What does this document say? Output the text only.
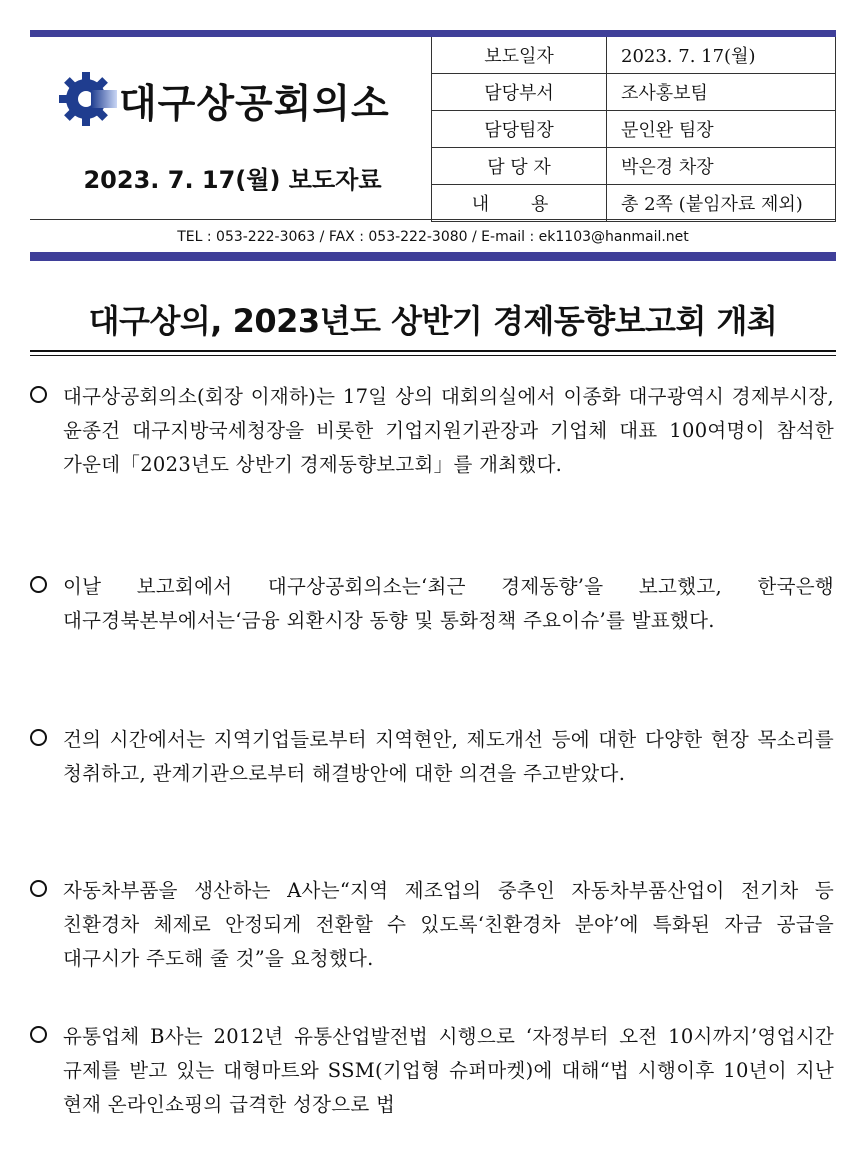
대구상공회의소
2023. 7. 17(월) 보도자료
보도일자	2023. 7. 17(월)
담당부서	조사홍보팀
담당팀장	문인완 팀장
담 당 자	박은경 차장
내 용	총 2쪽 (붙임자료 제외)
TEL : 053-222-3063 / FAX : 053-222-3080 / E-mail : ek1103@hanmail.net
대구상의, 2023년도 상반기 경제동향보고회 개최
대구상공회의소(회장 이재하)는 17일 상의 대회의실에서 이종화 대구광역시 경제부시장, 윤종건 대구지방국세청장을 비롯한 기업지원기관장과 기업체 대표 100여명이 참석한 가운데「2023년도 상반기 경제동향보고회」를 개최했다.
이날 보고회에서 대구상공회의소는‘최근 경제동향’을 보고했고, 한국은행 대구경북본부에서는‘금융 외환시장 동향 및 통화정책 주요이슈’를 발표했다.
건의 시간에서는 지역기업들로부터 지역현안, 제도개선 등에 대한 다양한 현장 목소리를 청취하고, 관계기관으로부터 해결방안에 대한 의견을 주고받았다.
자동차부품을 생산하는 A사는“지역 제조업의 중추인 자동차부품산업이 전기차 등 친환경차 체제로 안정되게 전환할 수 있도록‘친환경차 분야’에 특화된 자금 공급을 대구시가 주도해 줄 것”을 요청했다.
유통업체 B사는 2012년 유통산업발전법 시행으로 ‘자정부터 오전 10시까지’영업시간 규제를 받고 있는 대형마트와 SSM(기업형 슈퍼마켓)에 대해“법 시행이후 10년이 지난 현재 온라인쇼핑의 급격한 성장으로 법
